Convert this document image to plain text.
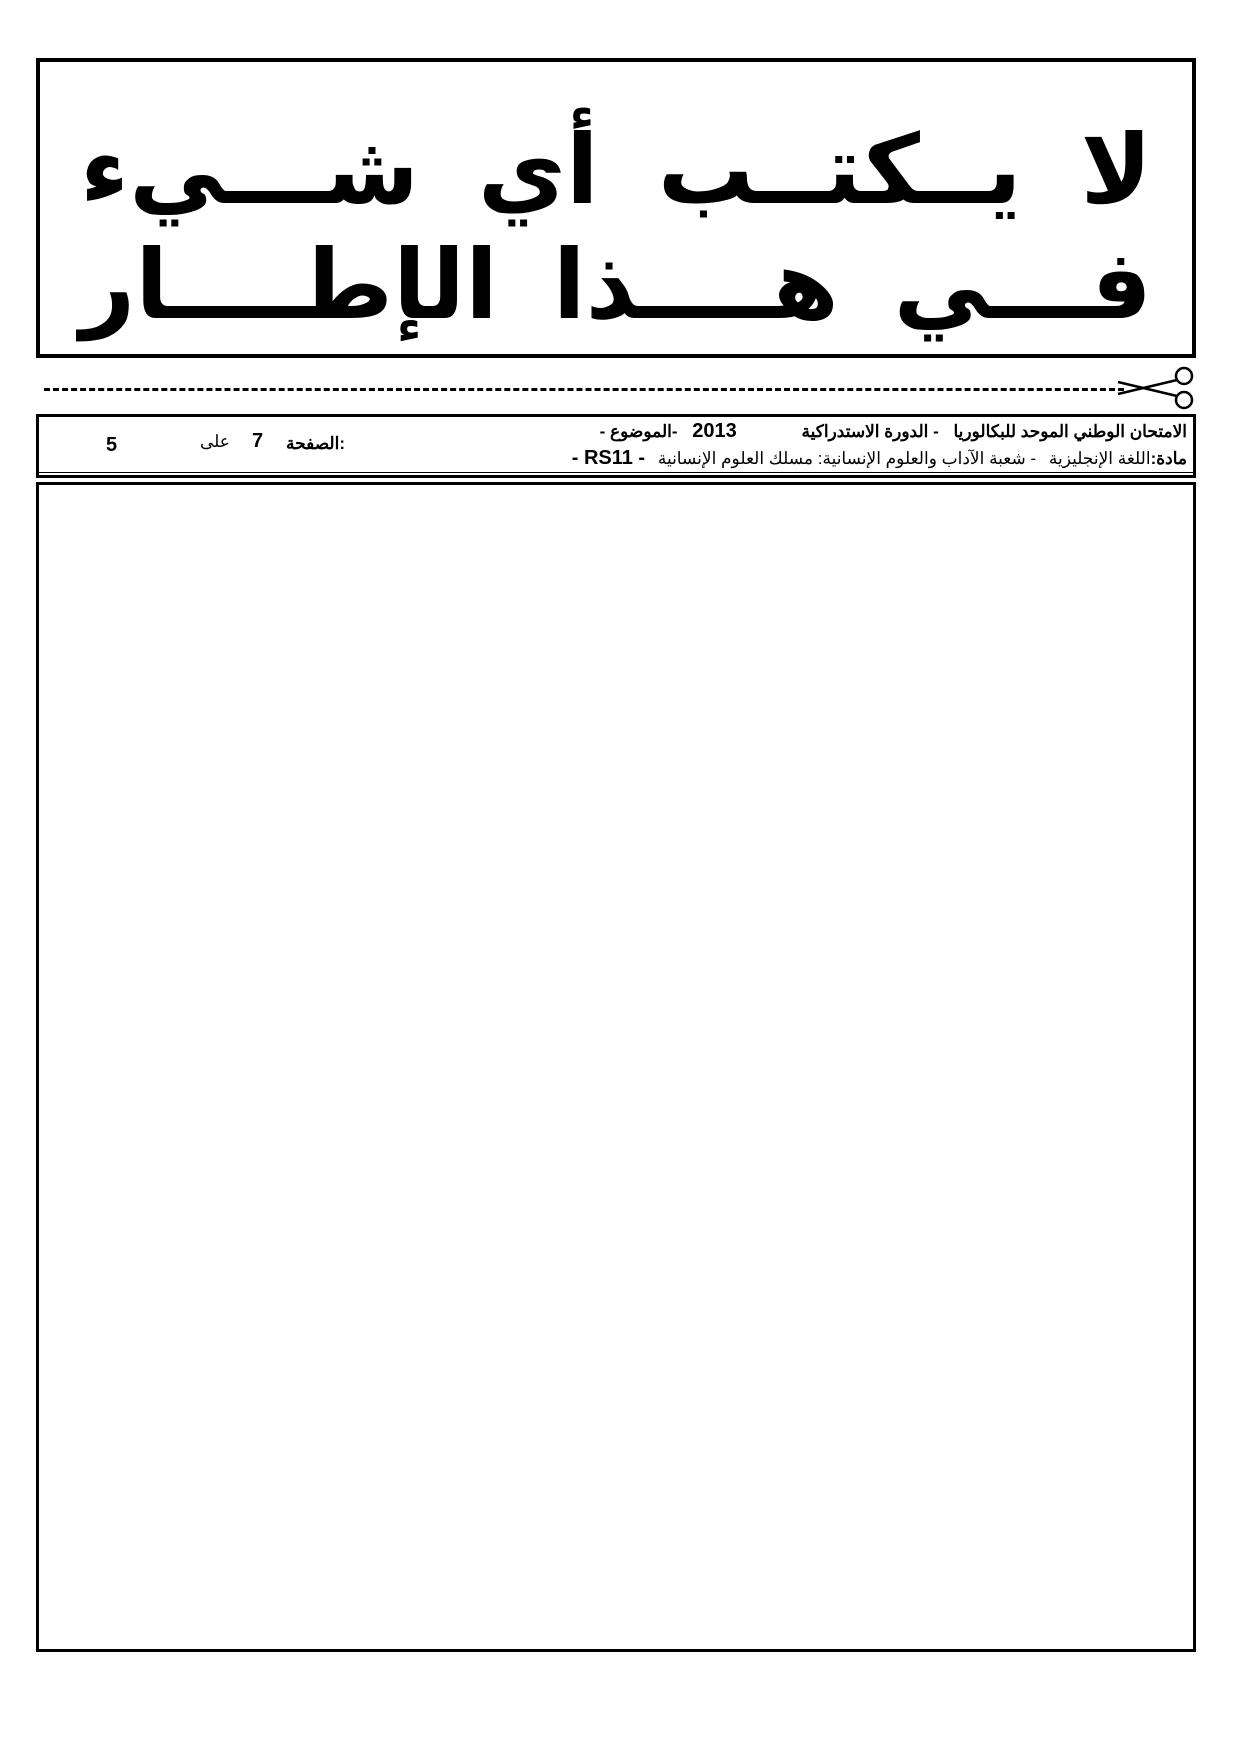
لا يــكتــب أي شـــيء
فـــي هــــذا الإطــــار
الامتحان الوطني الموحد للبكالوريا - الدورة الاستدراكية 2013 -الموضوع -
مادة:اللغة الإنجليزية - شعبة الآداب والعلوم الإنسانية: مسلك العلوم الإنسانية - RS11 -
الصفحة:
7
على
5
